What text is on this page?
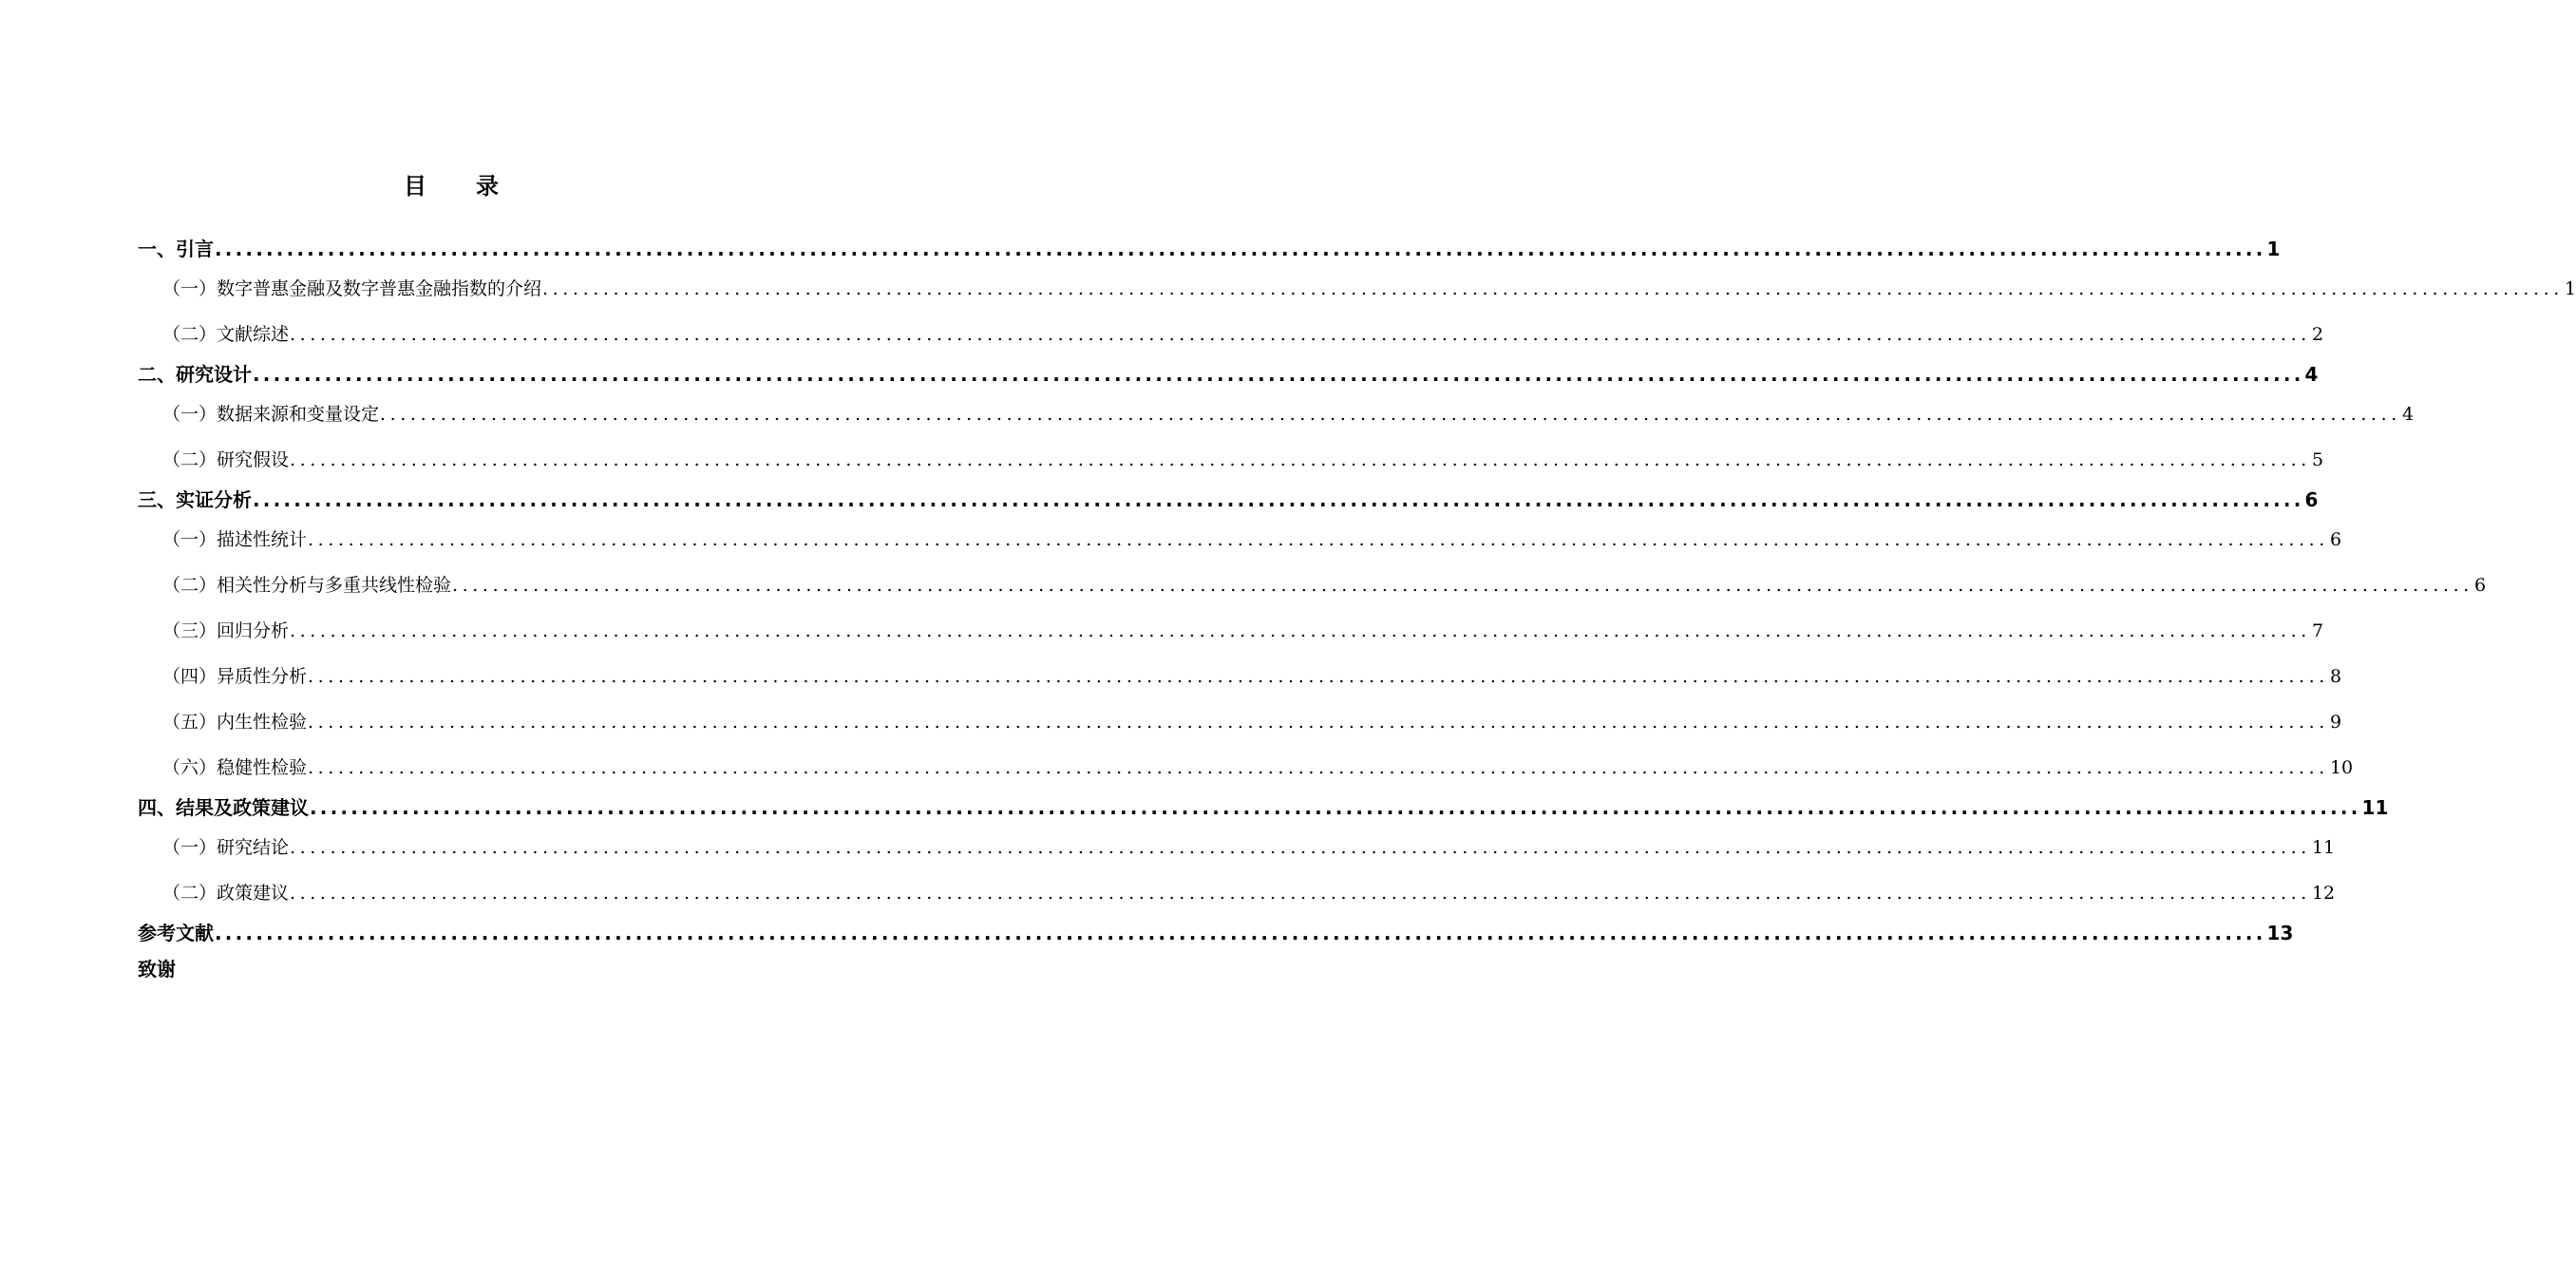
目 录
一、引言 ........................................................................................................................................................................................................ 1
（一）数字普惠金融及数字普惠金融指数的介绍 ........................................................................................................................................................................................................ 1
（二）文献综述 ........................................................................................................................................................................................................ 2
二、研究设计 ........................................................................................................................................................................................................ 4
（一）数据来源和变量设定 ........................................................................................................................................................................................................ 4
（二）研究假设 ........................................................................................................................................................................................................ 5
三、实证分析 ........................................................................................................................................................................................................ 6
（一）描述性统计 ........................................................................................................................................................................................................ 6
（二）相关性分析与多重共线性检验 ........................................................................................................................................................................................................ 6
（三）回归分析 ........................................................................................................................................................................................................ 7
（四）异质性分析 ........................................................................................................................................................................................................ 8
（五）内生性检验 ........................................................................................................................................................................................................ 9
（六）稳健性检验 ........................................................................................................................................................................................................ 10
四、结果及政策建议 ........................................................................................................................................................................................................ 11
（一）研究结论 ........................................................................................................................................................................................................ 11
（二）政策建议 ........................................................................................................................................................................................................ 12
参考文献 ........................................................................................................................................................................................................ 13
致谢
